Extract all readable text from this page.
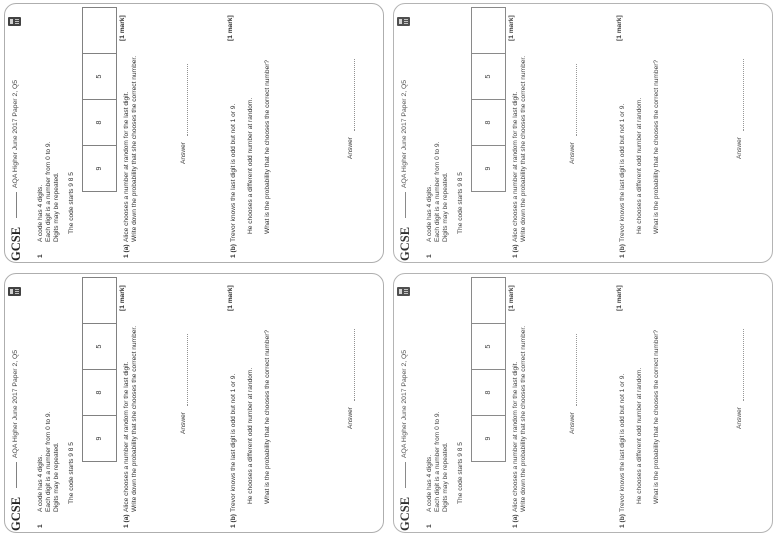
GCSE
AQA Higher June 2017 Paper 2, Q5
1
A code has 4 digits. Each digit is a number from 0 to 9. Digits may be repeated. The code starts 9 8 5
9
8
5
1 (a)
Alice chooses a number at random for the last digit. Write down the probability that she chooses the correct number.
[1 mark]
Answer
1 (b)
Trevor knows the last digit is odd but not 1 or 9.
[1 mark]
He chooses a different odd number at random. What is the probability that he chooses the correct number?	Answer
GCSE
AQA Higher June 2017 Paper 2, Q5
1
A code has 4 digits. Each digit is a number from 0 to 9. Digits may be repeated. The code starts 9 8 5
9
8
5
1 (a)
Alice chooses a number at random for the last digit. Write down the probability that she chooses the correct number.
[1 mark]
Answer
1 (b)
Trevor knows the last digit is odd but not 1 or 9.
[1 mark]
He chooses a different odd number at random. What is the probability that he chooses the correct number?	Answer
GCSE
AQA Higher June 2017 Paper 2, Q5
1
A code has 4 digits. Each digit is a number from 0 to 9. Digits may be repeated. The code starts 9 8 5
9
8
5
1 (a)
Alice chooses a number at random for the last digit. Write down the probability that she chooses the correct number.
[1 mark]
Answer
1 (b)
Trevor knows the last digit is odd but not 1 or 9.
[1 mark]
He chooses a different odd number at random. What is the probability that he chooses the correct number?	Answer
GCSE
AQA Higher June 2017 Paper 2, Q5
1
A code has 4 digits. Each digit is a number from 0 to 9. Digits may be repeated. The code starts 9 8 5
9
8
5
1 (a)
Alice chooses a number at random for the last digit. Write down the probability that she chooses the correct number.
[1 mark]
Answer
1 (b)
Trevor knows the last digit is odd but not 1 or 9.
[1 mark]
He chooses a different odd number at random. What is the probability that he chooses the correct number?	Answer
